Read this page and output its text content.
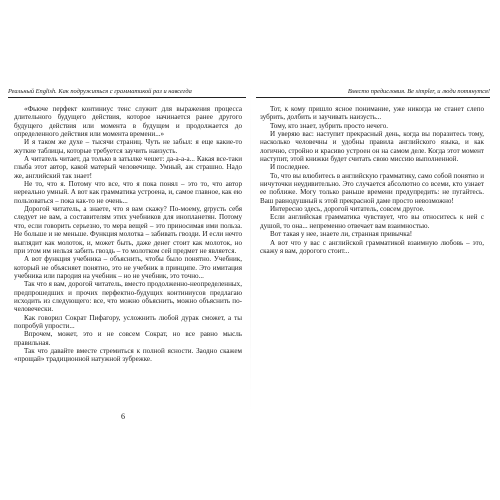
Реальный English. Как подружиться с грамматикой раз и навсегда

«Фьюче перфект континиус тенс служит для выражения процесса длительного будущего действия, которое начинается ранее другого будущего действия или момента в будущем и продолжается до определенного действия или момента времени...»

И я таком же духе – тысячи страниц. Чуть не забыл: я еще какие-то жуткие таблицы, которые требуется заучить наизусть.

А читатель читает, да только в затылке чешет: да-а-а-а... Какая все-таки глыба этот автор, какой матерый человечище. Умный, аж страшно. Надо же, английский так знает!

Не то, что я. Потому что все, что я пока понял – это то, что автор нереально умный. А вот как грамматика устроена, и, самое главное, как ею пользоваться – пока как-то не очень...

Дорогой читатель, а знаете, что я вам скажу? По-моему, grрусть себя следует не вам, а составителям этих учебников для инопланетян. Потому что, если говорить серьезно, то мера вещей – это приносимая ими польза. Не больше и не меньше. Функция молотка – забивать гвозди. И если нечто выглядит как молоток, и, может быть, даже денег стоит как молоток, но при этом им нельзя забить гвоздь – то молотком сей предмет не является.

А вот функция учебника – объяснить, чтобы было понятно. Учебник, который не объясняет понятно, это не учебник в принципе. Это имитация учебника или пародия на учебник – но не учебник, это точно...

Так что я вам, дорогой читатель, вместо продолженно-неопределенных, предпрошедших и прочих перфектно-будущих континиусов предлагаю исходить из следующего: все, что можно объяснить, можно объяснить по-человечески.

Как говорил Сократ Пифагору, усложнить любой дурак сможет, а ты попробуй упрости...

Впрочем, может, это и не совсем Сократ, но все равно мысль правильная.

Так что давайте вместе стремиться к полной ясности. Заодно скажем «прощай» традиционной натужной зубрежке.

Вместо предисловия. Be simpler, и люди потянутся!

Тот, к кому пришло ясное понимание, уже никогда не станет слепо зубрить, долбить и заучивать наизусть...

Тому, кто знает, зубрить просто нечего.

И уверяю вас: наступит прекрасный день, когда вы поразитесь тому, насколько человечны и удобны правила английского языка, и как логично, стройно и красиво устроен он на самом деле. Когда этот момент наступит, этой книжки будет считать свою миссию выполненной.

И последнее.

То, что вы влюбитесь в английскую грамматику, само собой понятно и ничуточки неудивительно. Это случается абсолютно со всеми, кто узнает ее поближе. Могу только раньше времени предупредить: не пугайтесь. Ваш равнодушный к этой прекрасной даме просто невозможно!

Интересно здесь, дорогой читатель, совсем другое.

Если английская грамматика чувствует, что вы относитесь к ней с душой, то она... непременно отвечает вам взаимностью.

Вот такая у нее, знаете ли, странная привычка!

А вот что у вас с английской грамматикой взаимную любовь – это, скажу я вам, дорогого стоит...

6
